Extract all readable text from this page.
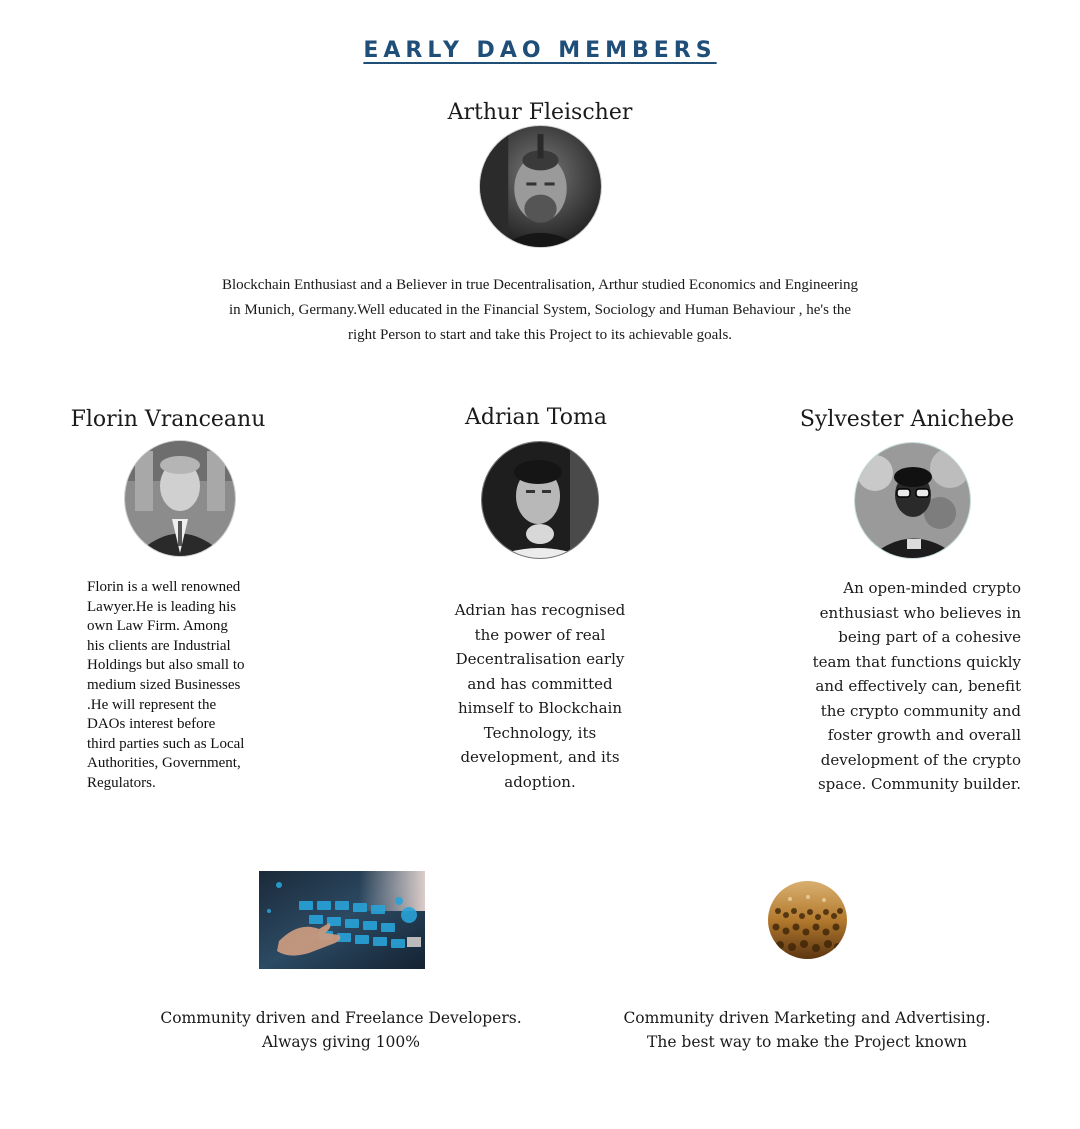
EARLY DAO MEMBERS
Arthur Fleischer
Blockchain Enthusiast and a Believer in true Decentralisation, Arthur studied Economics and Engineering
in Munich, Germany.Well educated in the Financial System, Sociology and Human Behaviour , he's the
right Person to start and take this Project to its achievable goals.
Florin Vranceanu
Florin is a well renowned
Lawyer.He is leading his
own Law Firm. Among
his clients are Industrial
Holdings but also small to
medium sized Businesses
.He will represent the
DAOs interest before
third parties such as Local
Authorities, Government,
Regulators.
Adrian Toma
Adrian has recognised
the power of real
Decentralisation early
and has committed
himself to Blockchain
Technology, its
development, and its
adoption.
Sylvester Anichebe
An open-minded crypto
enthusiast who believes in
being part of a cohesive
team that functions quickly
and effectively can, benefit
the crypto community and
foster growth and overall
development of the crypto
space. Community builder.
Community driven and Freelance Developers.
Always giving 100%
Community driven Marketing and Advertising.
The best way to make the Project known
